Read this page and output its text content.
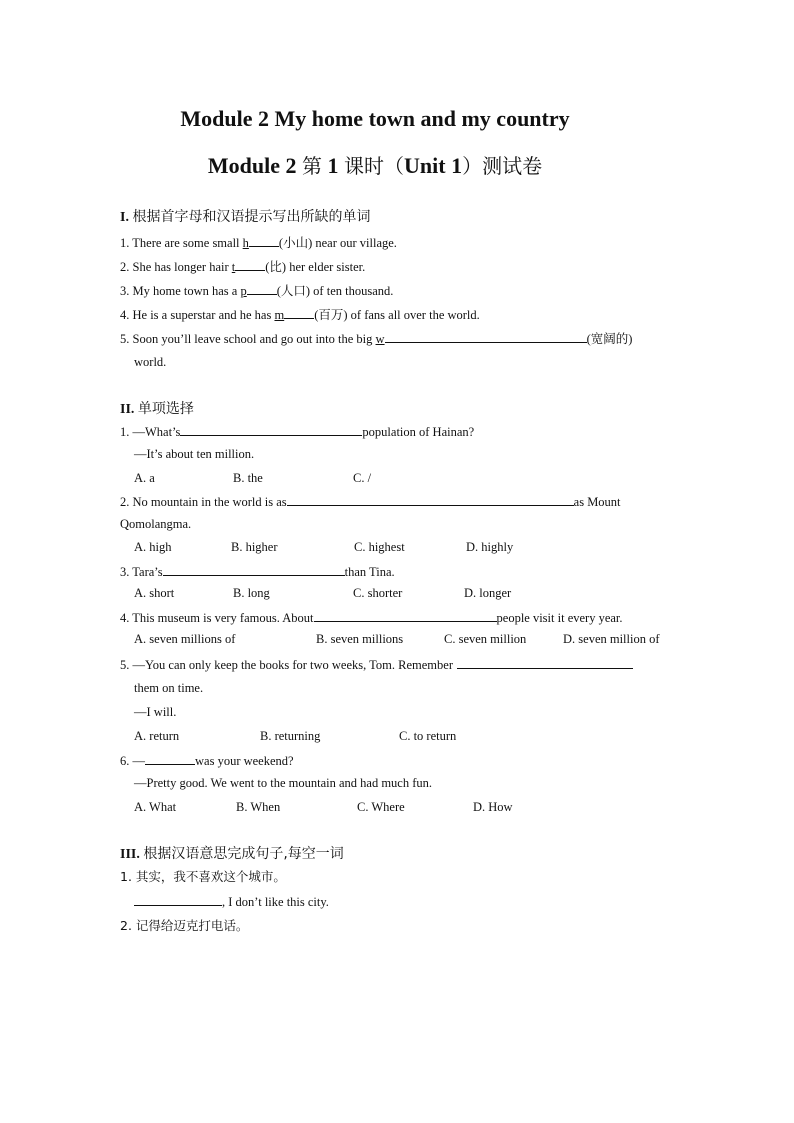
Module 2 My home town and my country
Module 2 第 1 课时（Unit 1）测试卷
I. 根据首字母和汉语提示写出所缺的单词
1. There are some small h (小山) near our village.
2. She has longer hair t (比) her elder sister.
3. My home town has a p (人口) of ten thousand.
4. He is a superstar and he has m (百万) of fans all over the world.
5. Soon you’ll leave school and go out into the big w	(宽阔的)
world.
II. 单项选择
1. —What’s	population of Hainan?
—It’s about ten million.
A. a	B. the	C. /
2. No mountain in the world is as	as Mount
Qomolangma.
A. high	B. higher	C. highest	D. highly
3. Tara’s	than Tina.
A. short	B. long	C. shorter	D. longer
4. This museum is very famous. About	people visit it every year.
A. seven millions of	B. seven millions	C. seven million	D. seven million of
5. —You can only keep the books for two weeks, Tom. Remember
them on time.
—I will.
A. return	B. returning	C. to return
6. —	was your weekend?
—Pretty good. We went to the mountain and had much fun.
A. What	B. When	C. Where	D. How
III. 根据汉语意思完成句子,每空一词
1. 其实，我不喜欢这个城市。
, I don’t like this city.
2. 记得给迈克打电话。
